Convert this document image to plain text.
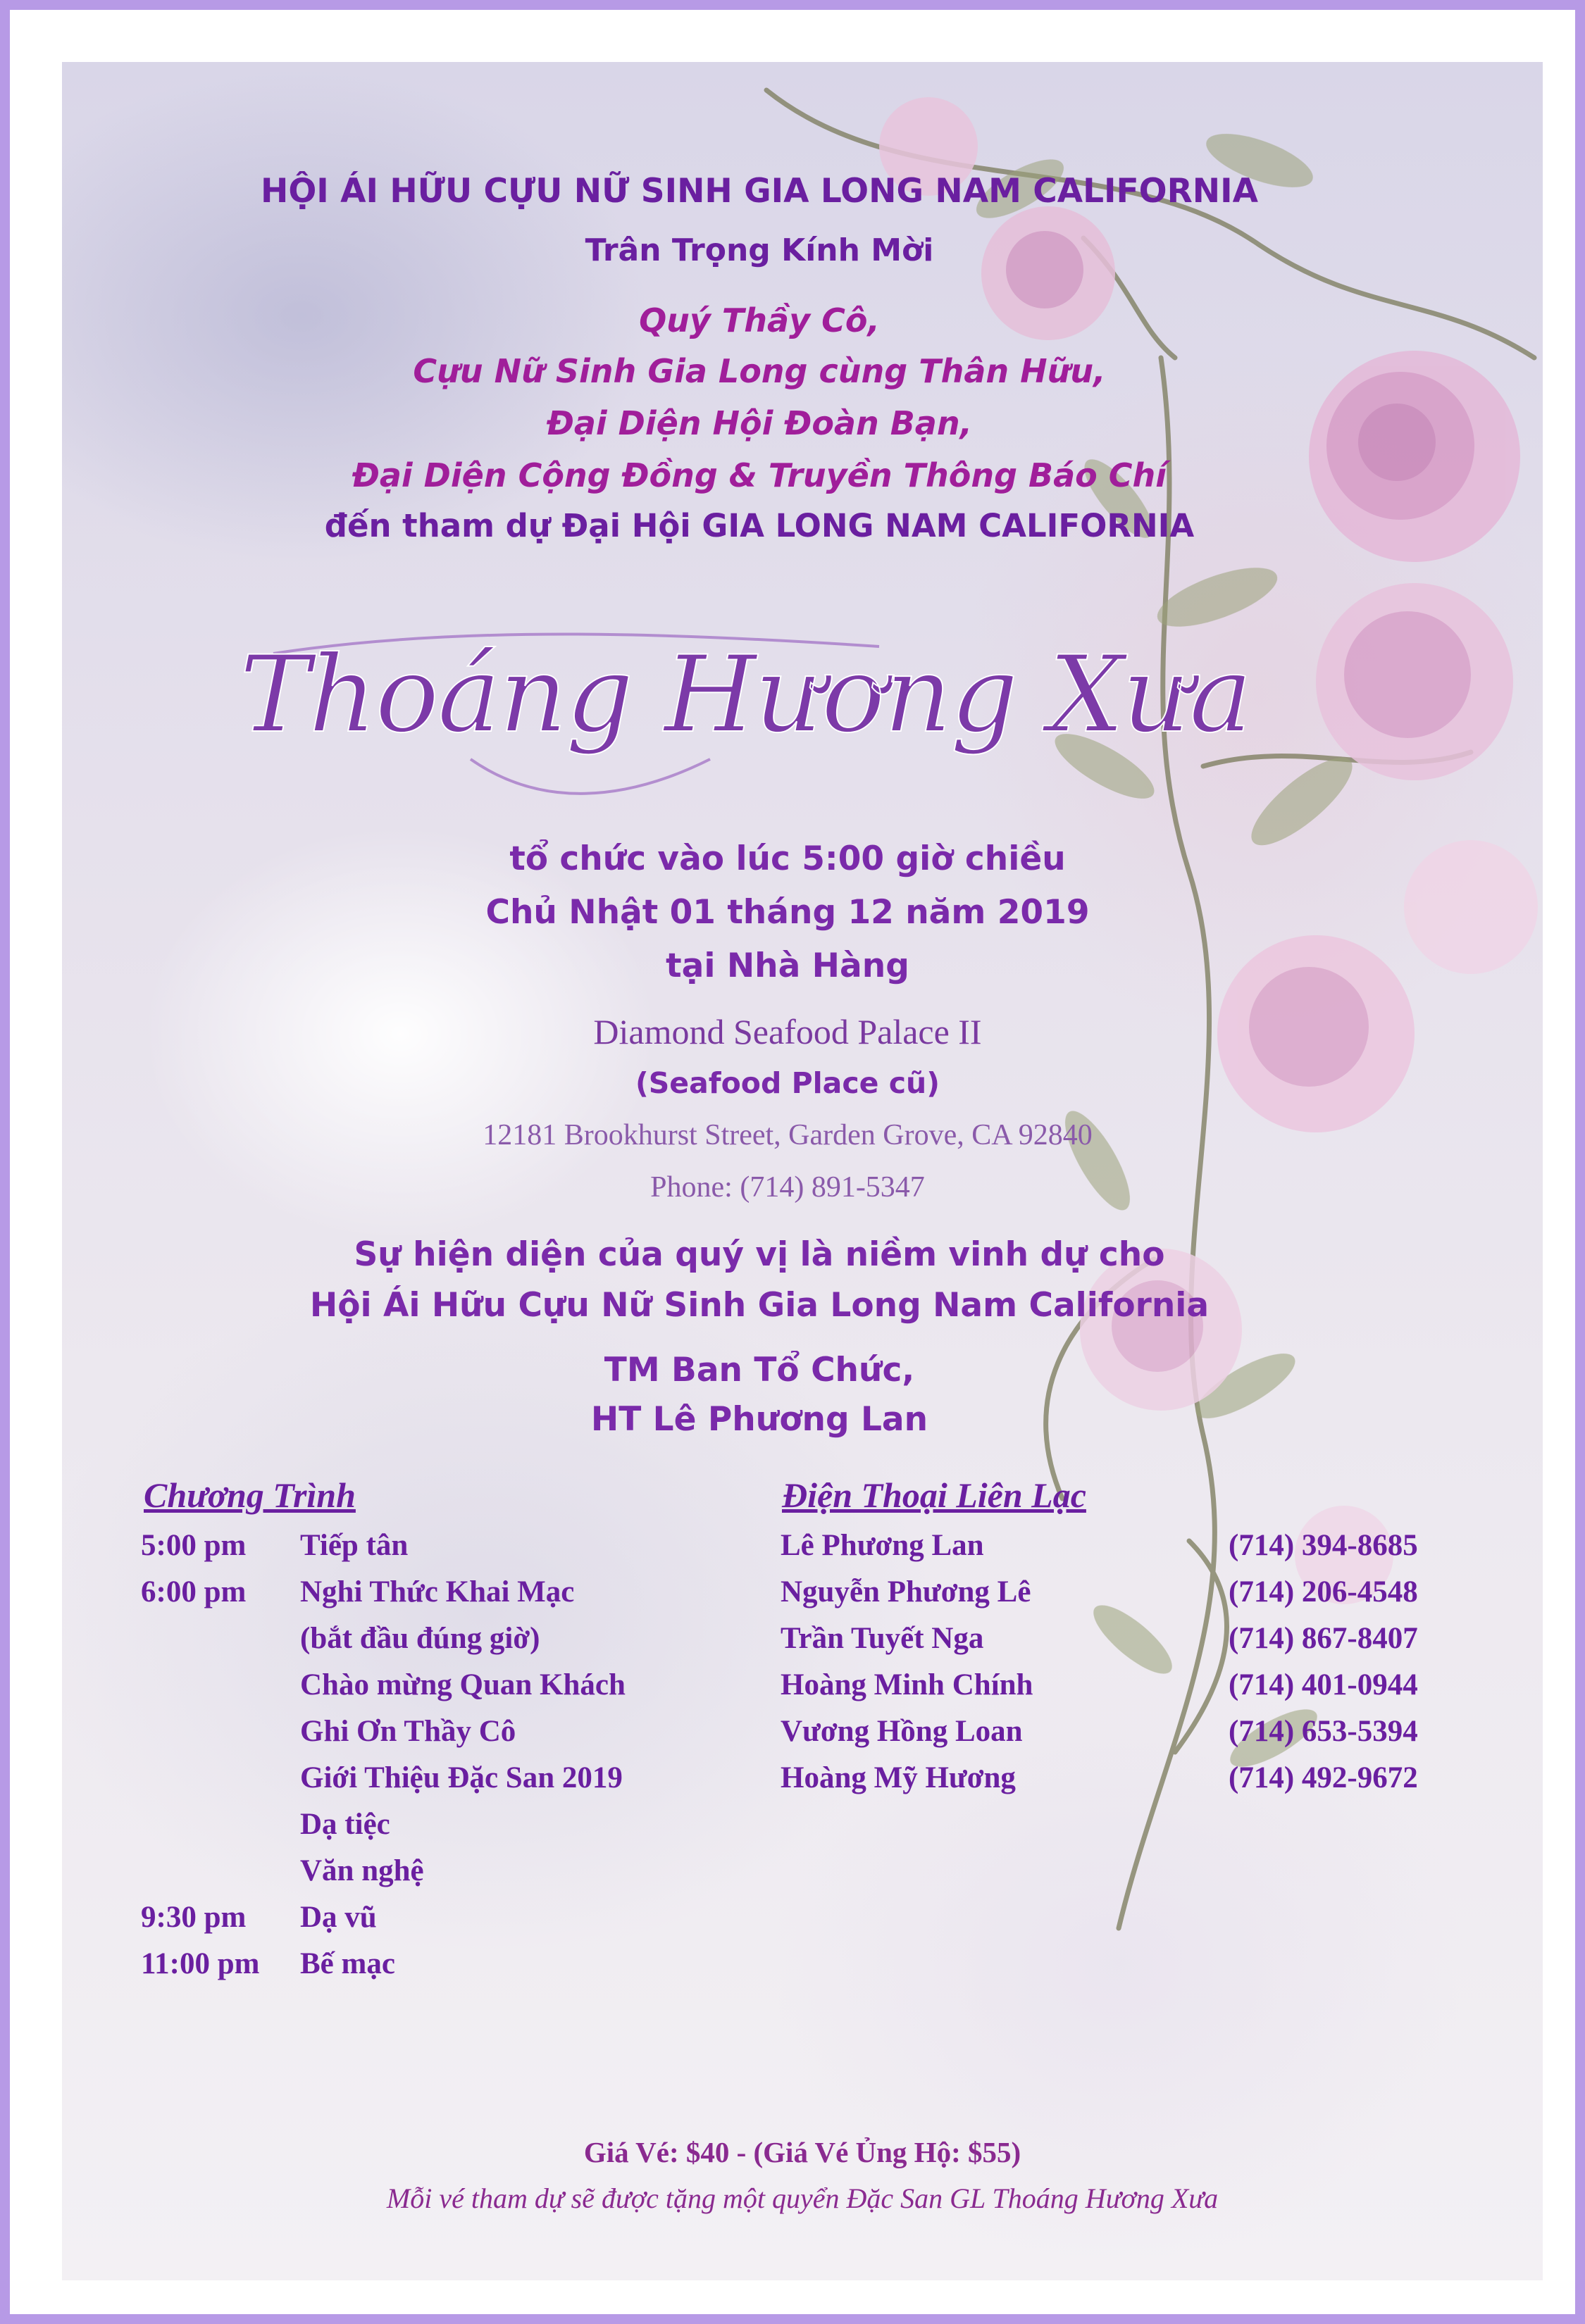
HỘI ÁI HỮU CỰU NỮ SINH GIA LONG NAM CALIFORNIA

Trân Trọng Kính Mời

Quý Thầy Cô,

Cựu Nữ Sinh Gia Long cùng Thân Hữu,

Đại Diện Hội Đoàn Bạn,

Đại Diện Cộng Đồng & Truyền Thông Báo Chí

đến tham dự Đại Hội GIA LONG NAM CALIFORNIA

Thoáng Hương Xưa

tổ chức vào lúc 5:00 giờ chiều

Chủ Nhật 01 tháng 12 năm 2019

tại Nhà Hàng

Diamond Seafood Palace II

(Seafood Place cũ)

12181 Brookhurst Street, Garden Grove, CA 92840

Phone: (714) 891-5347

Sự hiện diện của quý vị là niềm vinh dự cho

Hội Ái Hữu Cựu Nữ Sinh Gia Long Nam California

TM Ban Tổ Chức,

HT Lê Phương Lan

Chương Trình

5:00 pm Tiếp tân
6:00 pm Nghi Thức Khai Mạc
(bắt đầu đúng giờ)
Chào mừng Quan Khách
Ghi Ơn Thầy Cô
Giới Thiệu Đặc San 2019
Dạ tiệc
Văn nghệ
9:30 pm Dạ vũ
11:00 pm Bế mạc

Điện Thoại Liên Lạc

Lê Phương Lan	(714) 394-8685
Nguyễn Phương Lê	(714) 206-4548
Trần Tuyết Nga	(714) 867-8407
Hoàng Minh Chính	(714) 401-0944
Vương Hồng Loan	(714) 653-5394
Hoàng Mỹ Hương	(714) 492-9672

Giá Vé: $40 - (Giá Vé Ủng Hộ: $55)

Mỗi vé tham dự sẽ được tặng một quyển Đặc San GL Thoáng Hương Xưa
